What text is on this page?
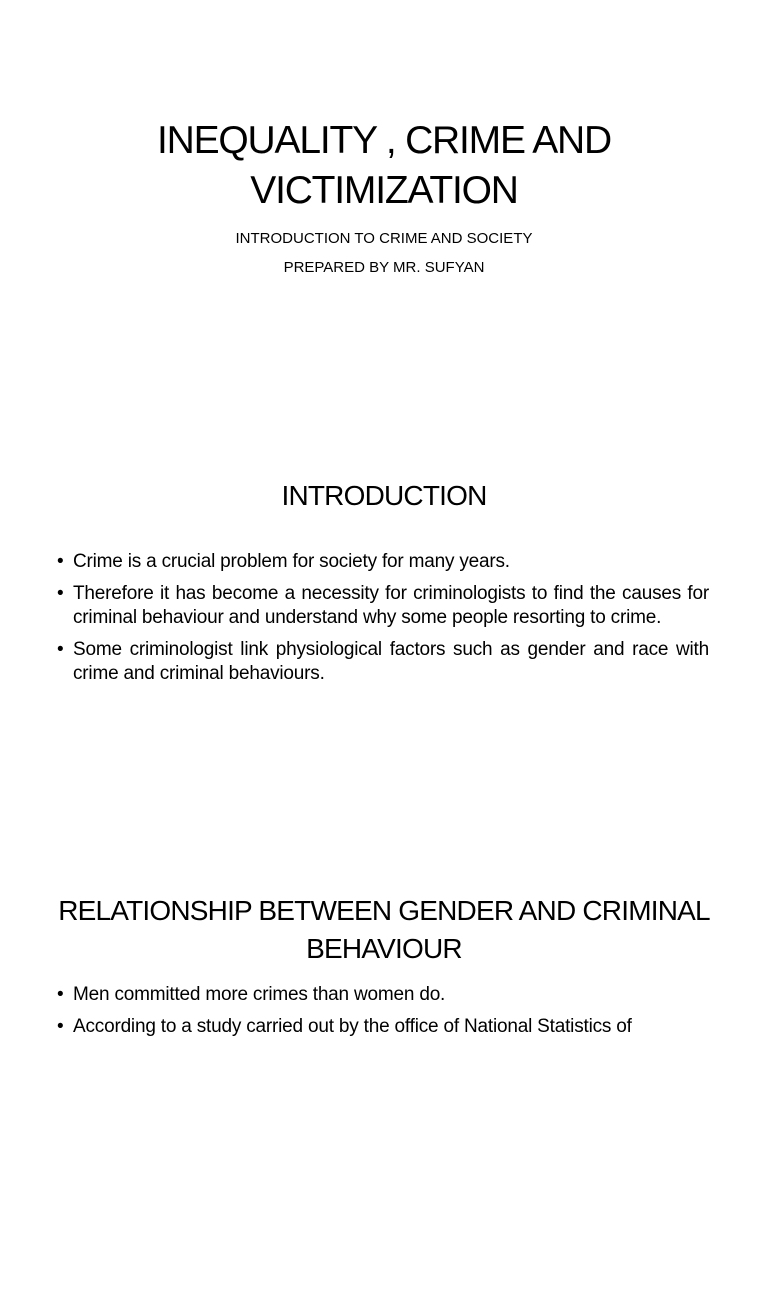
INEQUALITY , CRIME AND VICTIMIZATION
INTRODUCTION TO CRIME AND SOCIETY
PREPARED BY MR. SUFYAN
INTRODUCTION
• Crime is a crucial problem for society for many years.
• Therefore it has become a necessity for criminologists to find the causes for criminal behaviour and understand why some people resorting to crime.
• Some criminologist link physiological factors such as gender and race with crime and criminal behaviours.
RELATIONSHIP BETWEEN GENDER AND CRIMINAL BEHAVIOUR
• Men committed more crimes than women do.
• According to a study carried out by the office of National Statistics of
